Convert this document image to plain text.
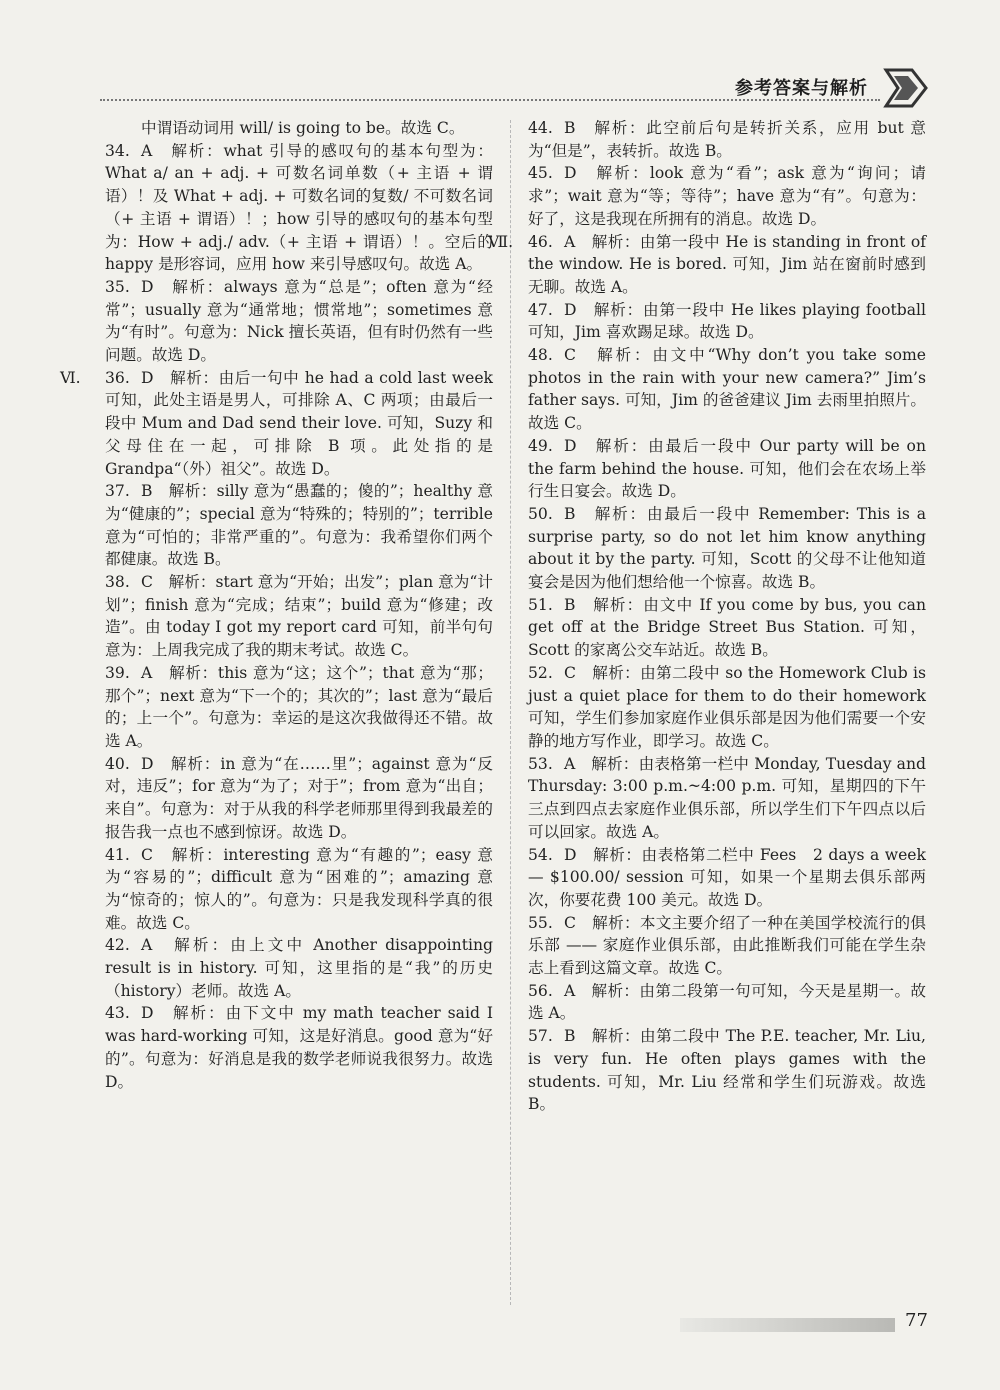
参考答案与解析

中谓语动词用 will/ is going to be。故选 C。

34. A　解析：what 引导的感叹句的基本句型为：What a/ an + adj. + 可数名词单数（+ 主语 + 谓语）！及 What + adj. + 可数名词的复数/ 不可数名词（+ 主语 + 谓语）！；how 引导的感叹句的基本句型为：How + adj./ adv.（+ 主语 + 谓语）！。空后的 happy 是形容词，应用 how 来引导感叹句。故选 A。

35. D　解析：always 意为“总是”；often 意为“经常”；usually 意为“通常地；惯常地”；sometimes 意为“有时”。句意为：Nick 擅长英语，但有时仍然有一些问题。故选 D。

Ⅵ. 36. D　解析：由后一句中 he had a cold last week 可知，此处主语是男人，可排除 A、C 两项；由最后一段中 Mum and Dad send their love. 可知，Suzy 和父母住在一起，可排除 B 项。此处指的是 Grandpa“（外）祖父”。故选 D。

37. B　解析：silly 意为“愚蠢的；傻的”；healthy 意为“健康的”；special 意为“特殊的；特别的”；terrible 意为“可怕的；非常严重的”。句意为：我希望你们两个都健康。故选 B。

38. C　解析：start 意为“开始；出发”；plan 意为“计划”；finish 意为“完成；结束”；build 意为“修建；改造”。由 today I got my report card 可知，前半句句意为：上周我完成了我的期末考试。故选 C。

39. A　解析：this 意为“这；这个”；that 意为“那；那个”；next 意为“下一个的；其次的”；last 意为“最后的；上一个”。句意为：幸运的是这次我做得还不错。故选 A。

40. D　解析：in 意为“在……里”；against 意为“反对，违反”；for 意为“为了；对于”；from 意为“出自；来自”。句意为：对于从我的科学老师那里得到我最差的报告我一点也不感到惊讶。故选 D。

41. C　解析：interesting 意为“有趣的”；easy 意为“容易的”；difficult 意为“困难的”；amazing 意为“惊奇的；惊人的”。句意为：只是我发现科学真的很难。故选 C。

42. A　解析：由上文中 Another disappointing result is in history. 可知，这里指的是“我”的历史（history）老师。故选 A。

43. D　解析：由下文中 my math teacher said I was hard-working 可知，这是好消息。good 意为“好的”。句意为：好消息是我的数学老师说我很努力。故选 D。

44. B　解析：此空前后句是转折关系，应用 but 意为“但是”，表转折。故选 B。

45. D　解析：look 意为“看”；ask 意为“询问；请求”；wait 意为“等；等待”；have 意为“有”。句意为：好了，这是我现在所拥有的消息。故选 D。

Ⅶ. 46. A　解析：由第一段中 He is standing in front of the window. He is bored. 可知，Jim 站在窗前时感到无聊。故选 A。

47. D　解析：由第一段中 He likes playing football 可知，Jim 喜欢踢足球。故选 D。

48. C　解析：由文中“Why don’t you take some photos in the rain with your new camera?” Jim’s father says. 可知，Jim 的爸爸建议 Jim 去雨里拍照片。故选 C。

49. D　解析：由最后一段中 Our party will be on the farm behind the house. 可知，他们会在农场上举行生日宴会。故选 D。

50. B　解析：由最后一段中 Remember: This is a surprise party, so do not let him know anything about it by the party. 可知，Scott 的父母不让他知道宴会是因为他们想给他一个惊喜。故选 B。

51. B　解析：由文中 If you come by bus, you can get off at the Bridge Street Bus Station. 可知，Scott 的家离公交车站近。故选 B。

52. C　解析：由第二段中 so the Homework Club is just a quiet place for them to do their homework 可知，学生们参加家庭作业俱乐部是因为他们需要一个安静的地方写作业，即学习。故选 C。

53. A　解析：由表格第一栏中 Monday, Tuesday and Thursday: 3:00 p.m.~4:00 p.m. 可知，星期四的下午三点到四点去家庭作业俱乐部，所以学生们下午四点以后可以回家。故选 A。

54. D　解析：由表格第二栏中 Fees　2 days a week — $100.00/ session 可知，如果一个星期去俱乐部两次，你要花费 100 美元。故选 D。

55. C　解析：本文主要介绍了一种在美国学校流行的俱乐部 —— 家庭作业俱乐部，由此推断我们可能在学生杂志上看到这篇文章。故选 C。

56. A　解析：由第二段第一句可知，今天是星期一。故选 A。

57. B　解析：由第二段中 The P.E. teacher, Mr. Liu, is very fun. He often plays games with the students. 可知，Mr. Liu 经常和学生们玩游戏。故选 B。

77
